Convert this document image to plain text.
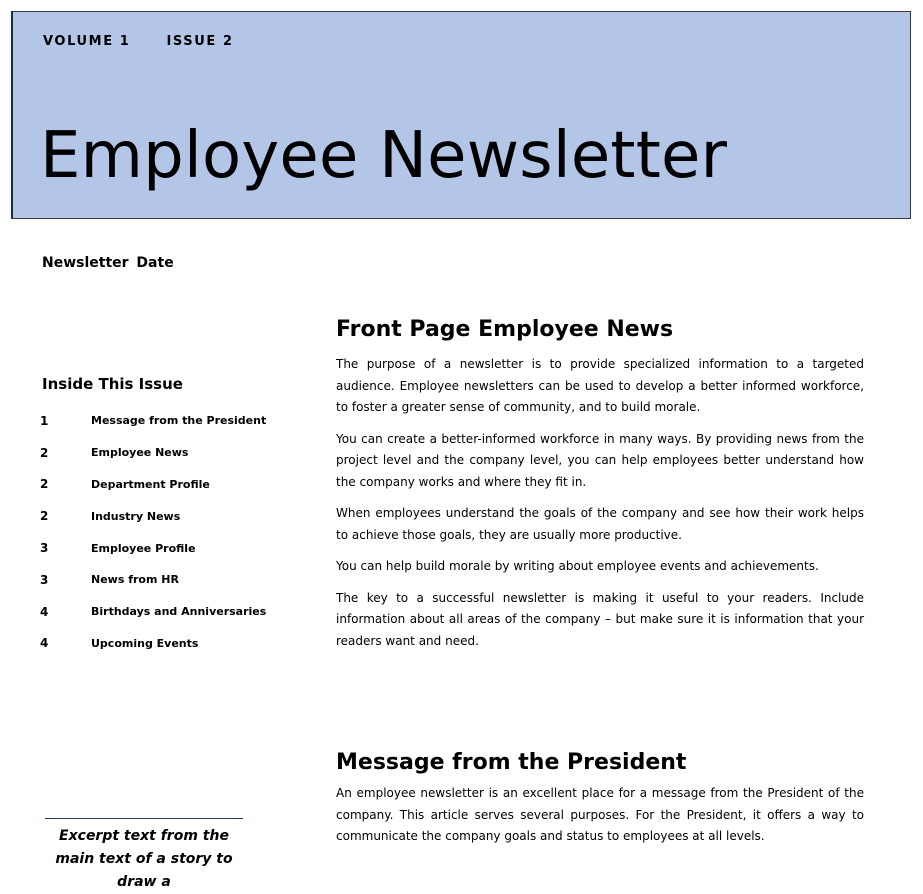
VOLUME 1	ISSUE 2
Employee Newsletter
Newsletter Date
Inside This Issue
1	Message from the President
2	Employee News
2	Department Profile
2	Industry News
3	Employee Profile
3	News from HR
4	Birthdays and Anniversaries
4	Upcoming Events
Excerpt text from the main text of a story to draw a
Front Page Employee News

The purpose of a newsletter is to provide specialized information to a targeted audience. Employee newsletters can be used to develop a better informed workforce, to foster a greater sense of community, and to build morale.

You can create a better-informed workforce in many ways. By providing news from the project level and the company level, you can help employees better understand how the company works and where they fit in.

When employees understand the goals of the company and see how their work helps to achieve those goals, they are usually more productive.

You can help build morale by writing about employee events and achievements.

The key to a successful newsletter is making it useful to your readers. Include information about all areas of the company – but make sure it is information that your readers want and need.

Message from the President

An employee newsletter is an excellent place for a message from the President of the company. This article serves several purposes. For the President, it offers a way to communicate the company goals and status to employees at all levels.
